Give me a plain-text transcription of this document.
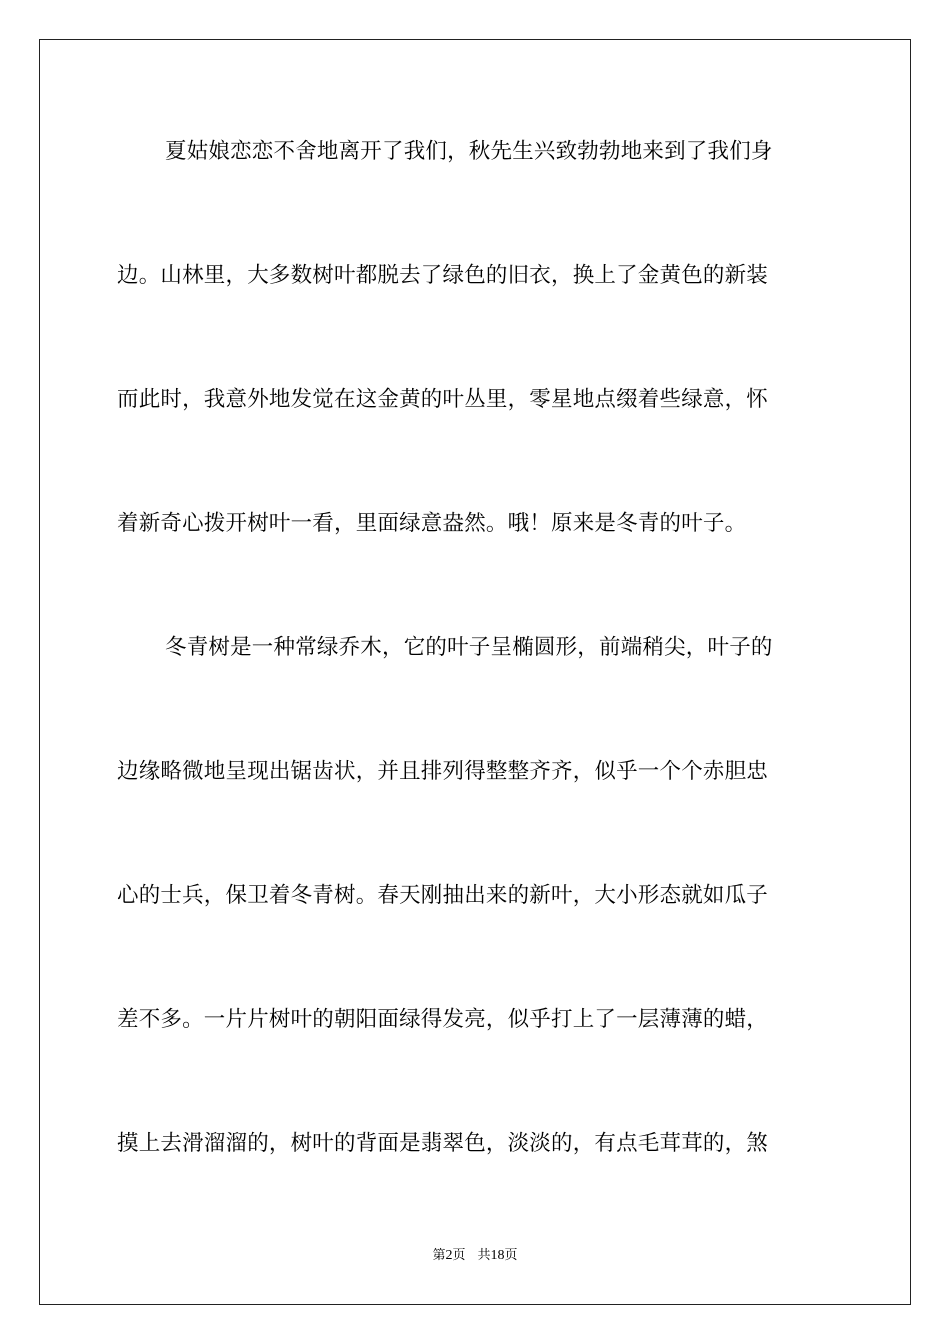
夏姑娘恋恋不舍地离开了我们，秋先生兴致勃勃地来到了我们身
边。山林里，大多数树叶都脱去了绿色的旧衣，换上了金黄色的新装
而此时，我意外地发觉在这金黄的叶丛里，零星地点缀着些绿意，怀
着新奇心拨开树叶一看，里面绿意盎然。哦！原来是冬青的叶子。
冬青树是一种常绿乔木，它的叶子呈椭圆形，前端稍尖，叶子的
边缘略微地呈现出锯齿状，并且排列得整整齐齐，似乎一个个赤胆忠
心的士兵，保卫着冬青树。春天刚抽出来的新叶，大小形态就如瓜子
差不多。一片片树叶的朝阳面绿得发亮，似乎打上了一层薄薄的蜡，
摸上去滑溜溜的，树叶的背面是翡翠色，淡淡的，有点毛茸茸的，煞
第2页 共18页
